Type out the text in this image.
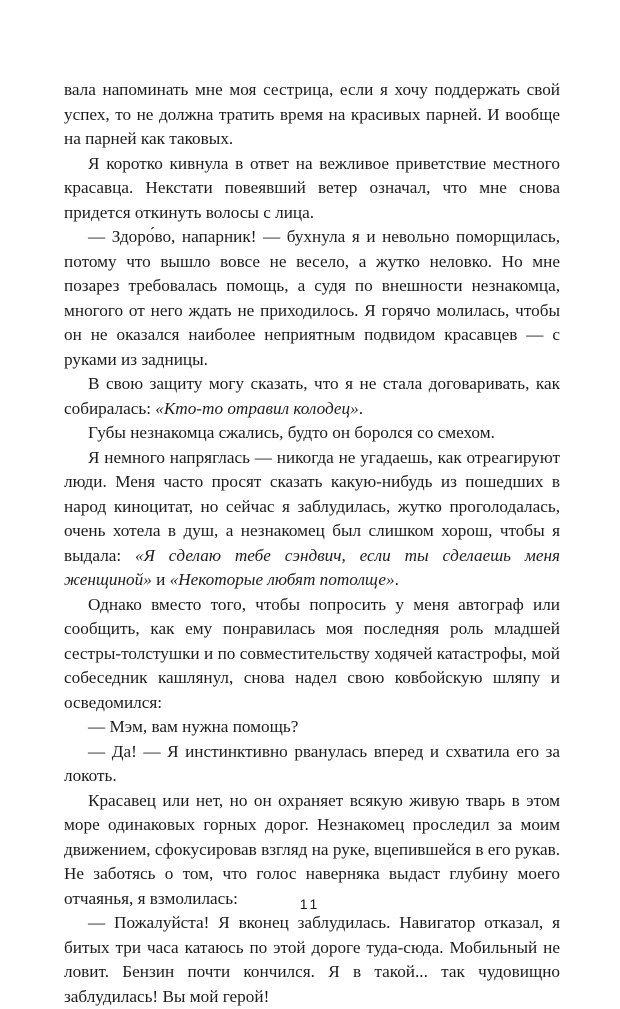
вала напоминать мне моя сестрица, если я хочу поддержать свой успех, то не должна тратить время на красивых парней. И вообще на парней как таковых.

Я коротко кивнула в ответ на вежливое приветствие местного красавца. Некстати повеявший ветер означал, что мне снова придется откинуть волосы с лица.

— Здоро́во, напарник! — бухнула я и невольно поморщилась, потому что вышло вовсе не весело, а жутко неловко. Но мне позарез требовалась помощь, а судя по внешности незнакомца, многого от него ждать не приходилось. Я горячо молилась, чтобы он не оказался наиболее неприятным подвидом красавцев — с руками из задницы.

В свою защиту могу сказать, что я не стала договаривать, как собиралась: «Кто-то отравил колодец».

Губы незнакомца сжались, будто он боролся со смехом.

Я немного напряглась — никогда не угадаешь, как отреагируют люди. Меня часто просят сказать какую-нибудь из пошедших в народ киноцитат, но сейчас я заблудилась, жутко проголодалась, очень хотела в душ, а незнакомец был слишком хорош, чтобы я выдала: «Я сделаю тебе сэндвич, если ты сделаешь меня женщиной» и «Некоторые любят потолще».

Однако вместо того, чтобы попросить у меня автограф или сообщить, как ему понравилась моя последняя роль младшей сестры-толстушки и по совместительству ходячей катастрофы, мой собеседник кашлянул, снова надел свою ковбойскую шляпу и осведомился:

— Мэм, вам нужна помощь?

— Да! — Я инстинктивно рванулась вперед и схватила его за локоть.

Красавец или нет, но он охраняет всякую живую тварь в этом море одинаковых горных дорог. Незнакомец проследил за моим движением, сфокусировав взгляд на руке, вцепившейся в его рукав. Не заботясь о том, что голос наверняка выдаст глубину моего отчаянья, я взмолилась:

— Пожалуйста! Я вконец заблудилась. Навигатор отказал, я битых три часа катаюсь по этой дороге туда-сюда. Мобильный не ловит. Бензин почти кончился. Я в такой... так чудовищно заблудилась! Вы мой герой!

11
